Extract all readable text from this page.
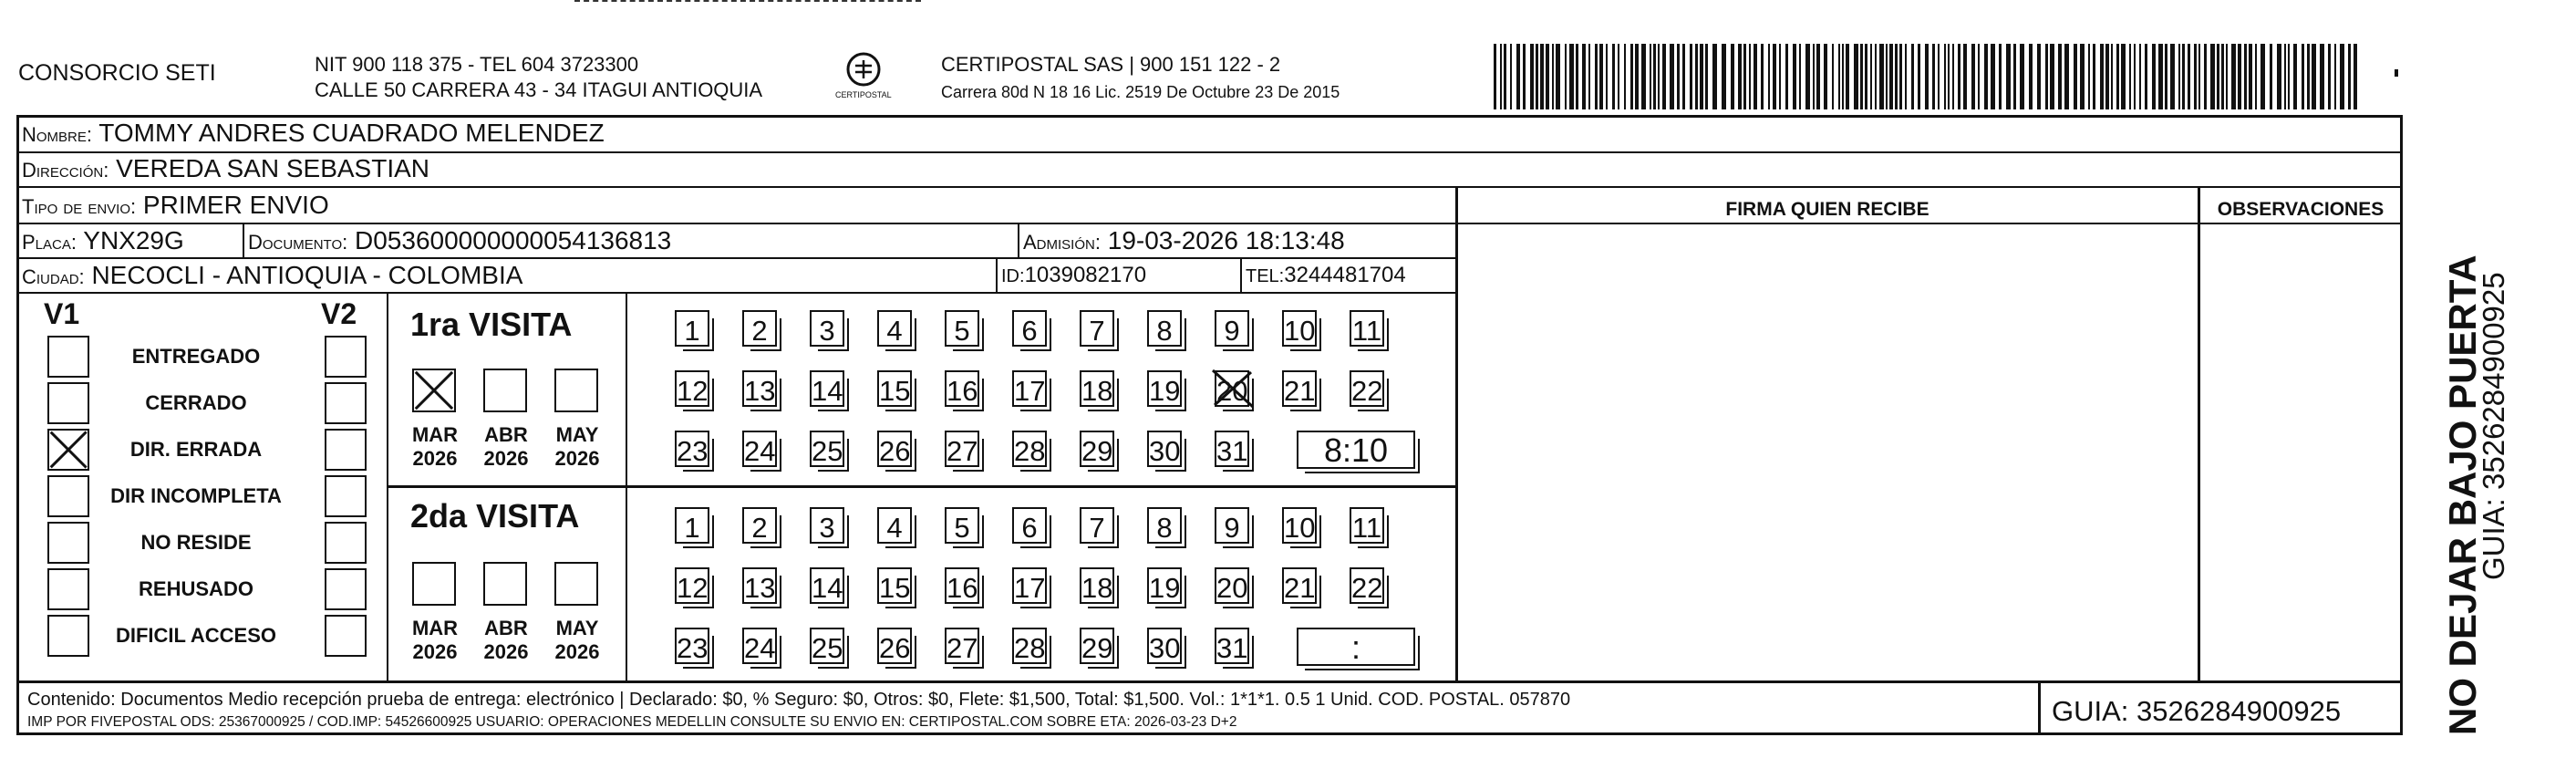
CONSORCIO SETI	NIT 900 118 375 - TEL 604 3723300
CALLE 50 CARRERA 43 - 34 ITAGUI ANTIOQUIA	CERTIPOSTAL
CERTIPOSTAL SAS | 900 151 122 - 2
Carrera 80d N 18 16 Lic. 2519 De Octubre 23 De 2015
Nombre: TOMMY ANDRES CUADRADO MELENDEZ
Dirección: VEREDA SAN SEBASTIAN
Tipo de envio: PRIMER ENVIO	FIRMA QUIEN RECIBE	OBSERVACIONES
Placa: YNX29G	Documento: D053600000000054136813	Admisión: 19-03-2026 18:13:48
Ciudad: NECOCLI - ANTIOQUIA - COLOMBIA	ID:1039082170	TEL:3244481704
V1	V2
ENTREGADO
CERRADO
DIR. ERRADA
DIR INCOMPLETA
NO RESIDE
REHUSADO
DIFICIL ACCESO
1ra VISITA
2da VISITA
MAR
2026
ABR
2026
MAY
2026
MAR
2026
ABR
2026
MAY
2026
1	2	3	4	5	6	7	8	9	10 11
12 13 14 15 16 17 18 19 20 21 22
23 24 25 26 27 28 29 30 31	8:10
1	2	3	4	5	6	7	8	9	10 11
12 13 14 15 16 17 18 19 20 21 22
23 24 25 26 27 28 29 30 31	:
Contenido: Documentos Medio recepción prueba de entrega: electrónico | Declarado: $0, % Seguro: $0, Otros: $0, Flete: $1,500, Total: $1,500. Vol.: 1*1*1. 0.5 1 Unid. COD. POSTAL. 057870
IMP POR FIVEPOSTAL ODS: 25367000925 / COD.IMP: 54526600925 USUARIO: OPERACIONES MEDELLIN CONSULTE SU ENVIO EN: CERTIPOSTAL.COM SOBRE ETA: 2026-03-23 D+2	GUIA: 3526284900925	NO DEJAR BAJO PUERTA
GUIA: 3526284900925
